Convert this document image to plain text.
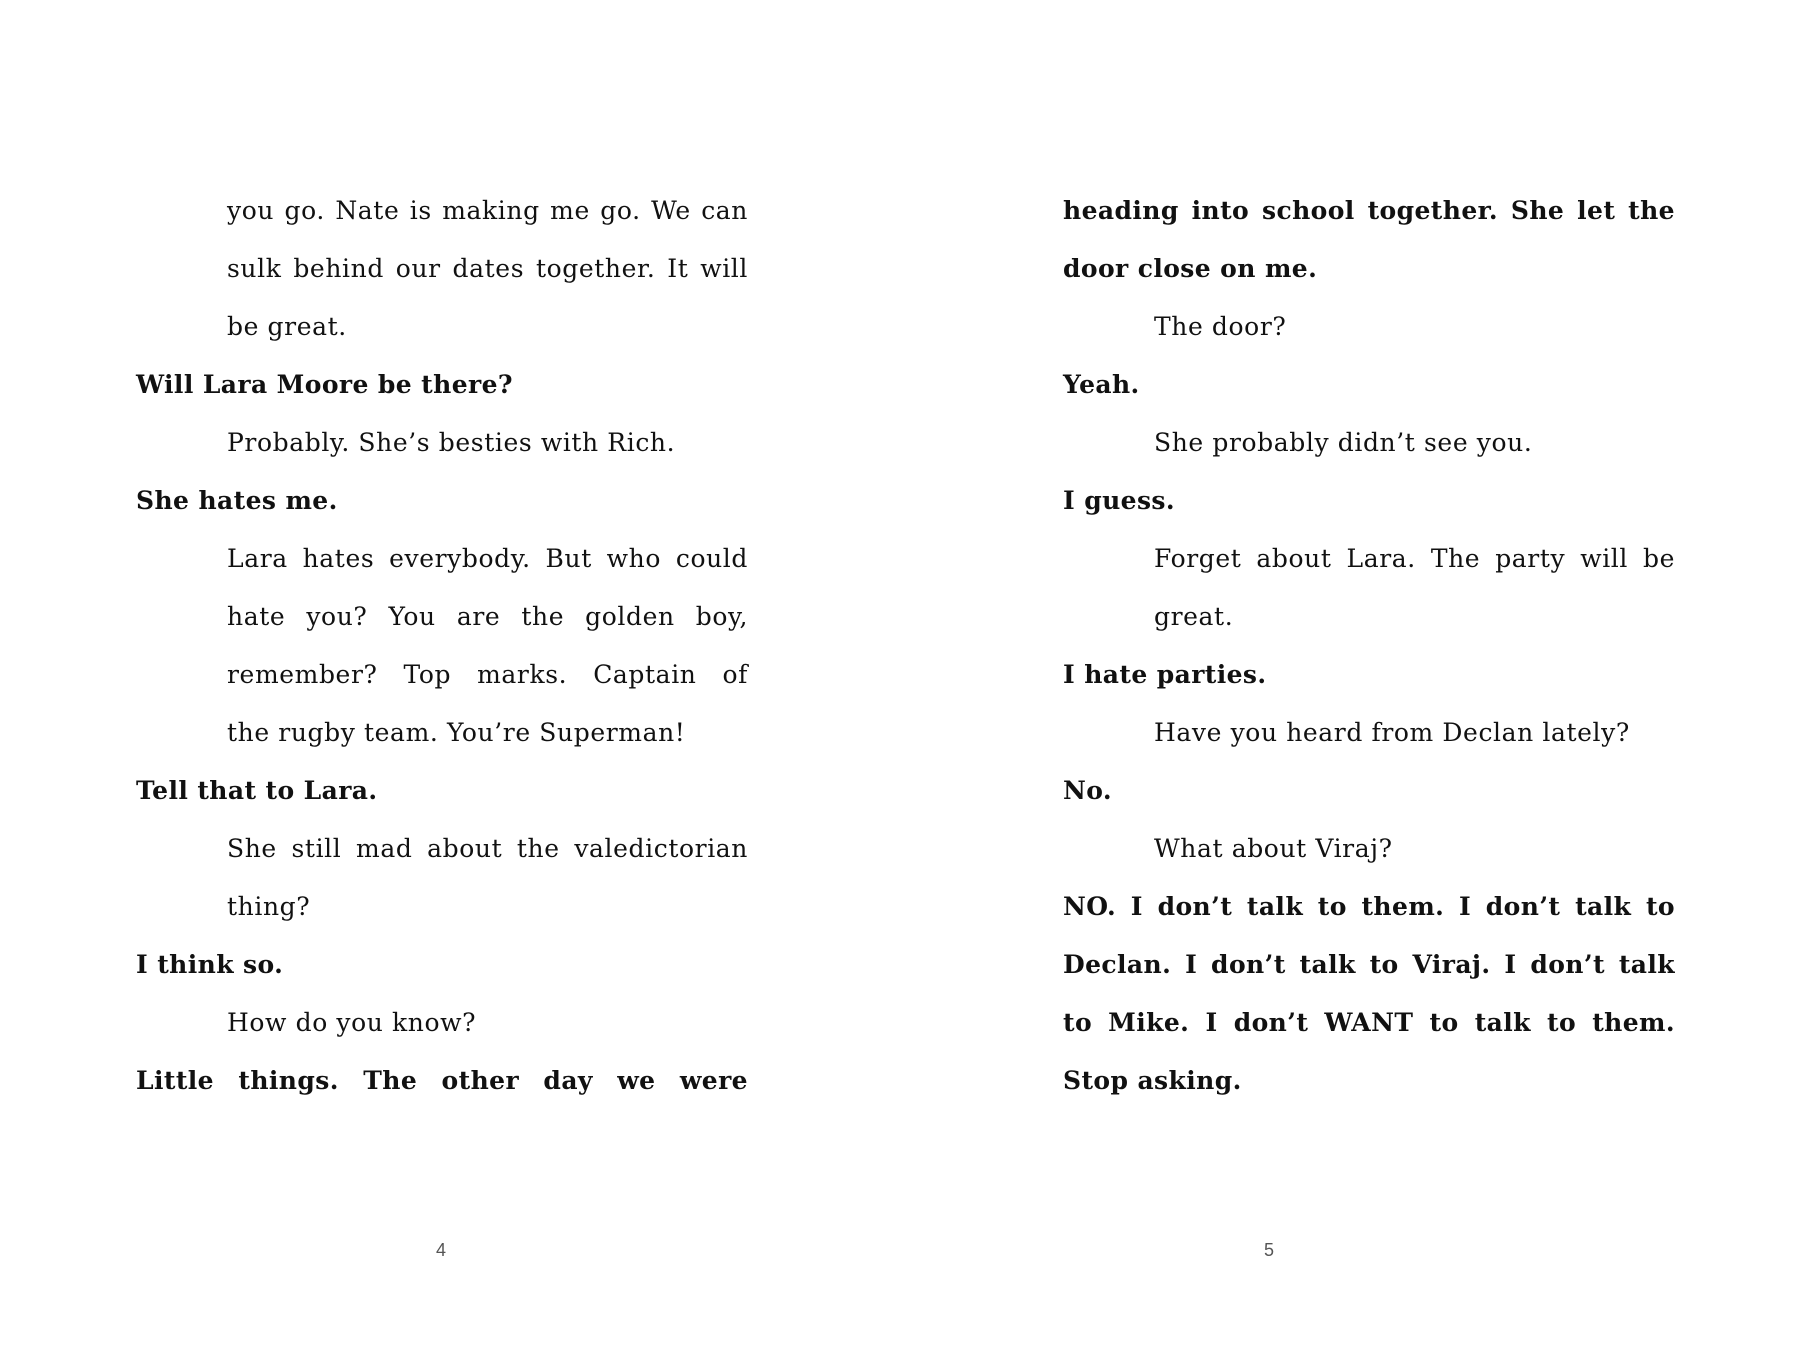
you go. Nate is making me go. We can
sulk behind our dates together. It will
be great.
Will Lara Moore be there?
Probably. She’s besties with Rich.
She hates me.
Lara hates everybody. But who could
hate you? You are the golden boy,
remember? Top marks. Captain of
the rugby team. You’re Superman!
Tell that to Lara.
She still mad about the valedictorian
thing?
I think so.
How do you know?
Little things. The other day we were
4
heading into school together. She let the
door close on me.
The door?
Yeah.
She probably didn’t see you.
I guess.
Forget about Lara. The party will be
great.
I hate parties.
Have you heard from Declan lately?
No.
What about Viraj?
NO. I don’t talk to them. I don’t talk to
Declan. I don’t talk to Viraj. I don’t talk
to Mike. I don’t WANT to talk to them.
Stop asking.
5
